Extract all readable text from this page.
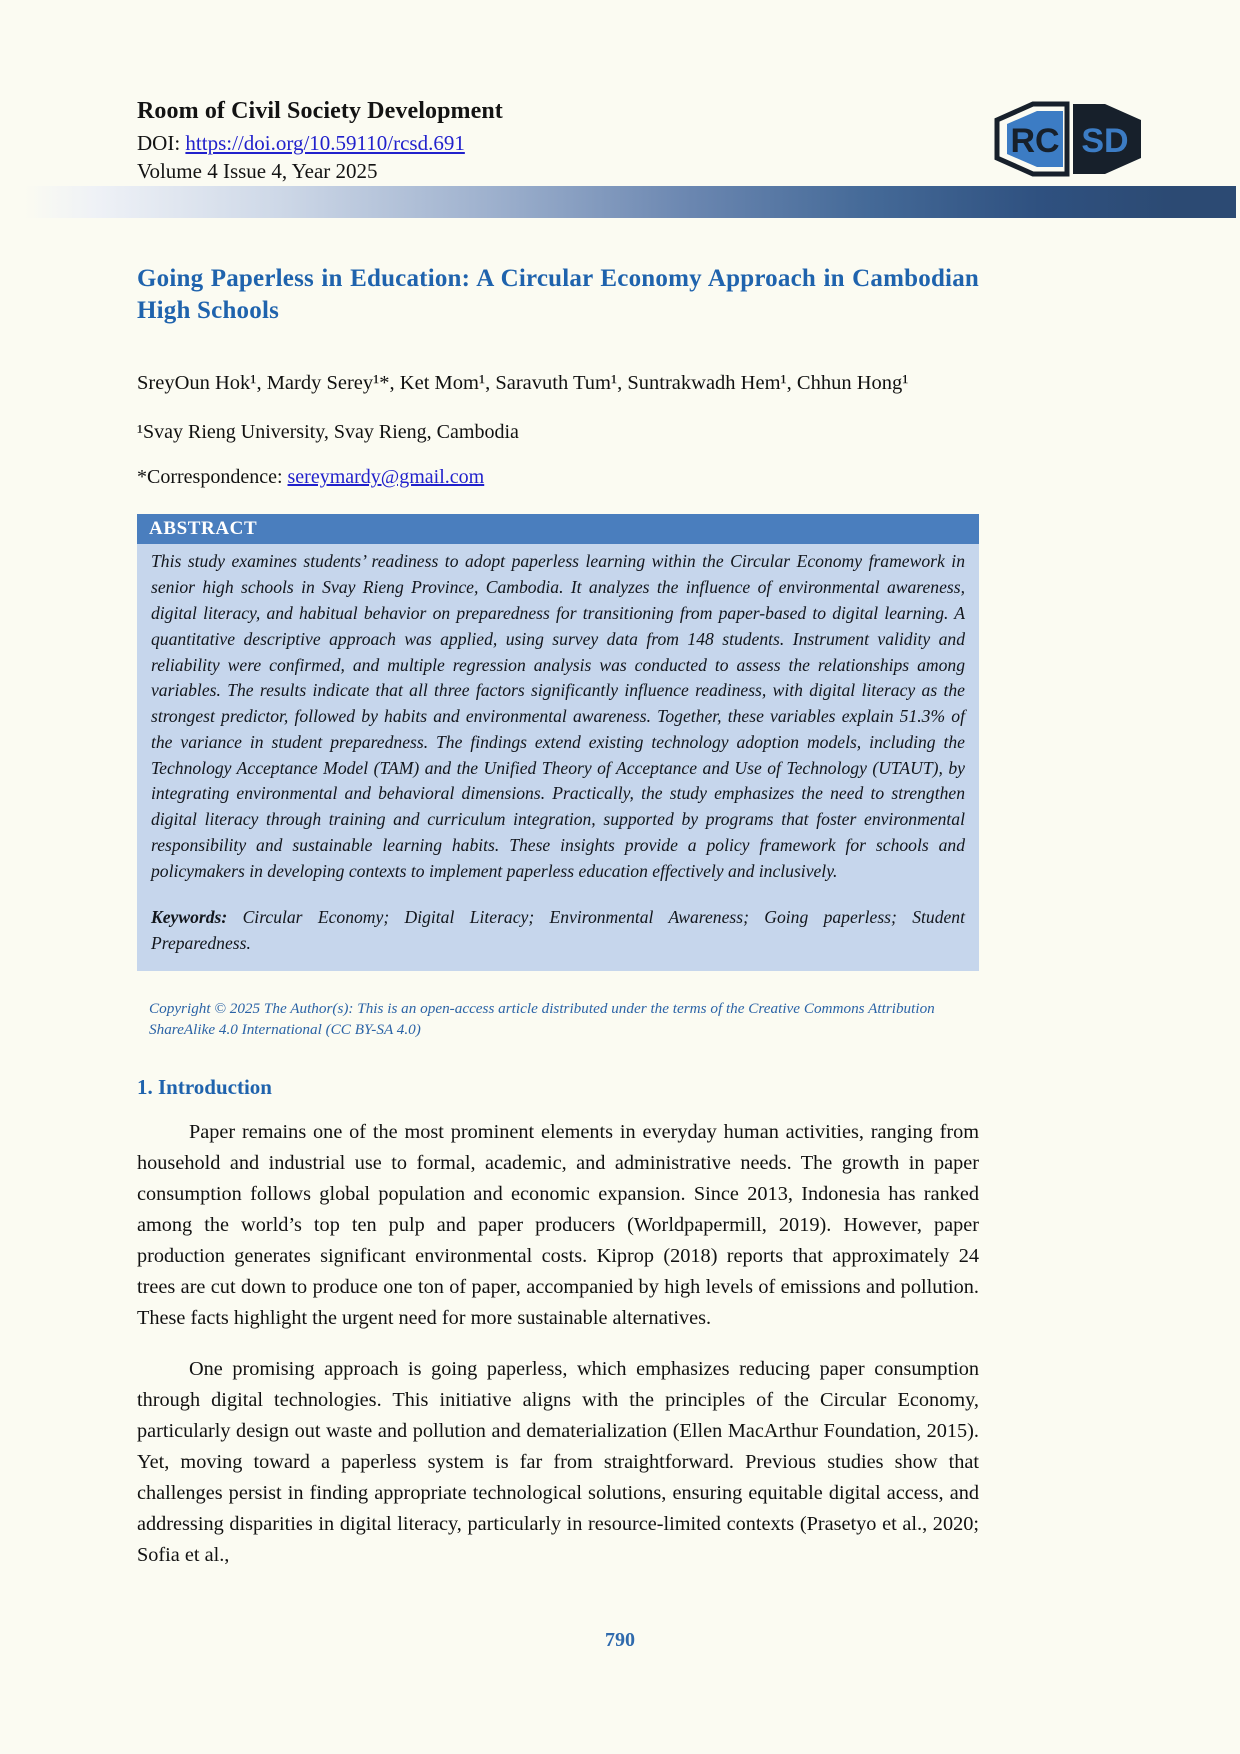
Room of Civil Society Development
DOI: https://doi.org/10.59110/rcsd.691
Volume 4 Issue 4, Year 2025
RC SD
Going Paperless in Education: A Circular Economy Approach in Cambodian High Schools
SreyOun Hok¹, Mardy Serey¹*, Ket Mom¹, Saravuth Tum¹, Suntrakwadh Hem¹, Chhun Hong¹
¹Svay Rieng University, Svay Rieng, Cambodia
*Correspondence: sereymardy@gmail.com
ABSTRACT

This study examines students’ readiness to adopt paperless learning within the Circular Economy framework in senior high schools in Svay Rieng Province, Cambodia. It analyzes the influence of environmental awareness, digital literacy, and habitual behavior on preparedness for transitioning from paper-based to digital learning. A quantitative descriptive approach was applied, using survey data from 148 students. Instrument validity and reliability were confirmed, and multiple regression analysis was conducted to assess the relationships among variables. The results indicate that all three factors significantly influence readiness, with digital literacy as the strongest predictor, followed by habits and environmental awareness. Together, these variables explain 51.3% of the variance in student preparedness. The findings extend existing technology adoption models, including the Technology Acceptance Model (TAM) and the Unified Theory of Acceptance and Use of Technology (UTAUT), by integrating environmental and behavioral dimensions. Practically, the study emphasizes the need to strengthen digital literacy through training and curriculum integration, supported by programs that foster environmental responsibility and sustainable learning habits. These insights provide a policy framework for schools and policymakers in developing contexts to implement paperless education effectively and inclusively.

Keywords: Circular Economy; Digital Literacy; Environmental Awareness; Going paperless; Student Preparedness.

Copyright © 2025 The Author(s): This is an open-access article distributed under the terms of the Creative Commons Attribution ShareAlike 4.0 International (CC BY-SA 4.0)
1. Introduction

Paper remains one of the most prominent elements in everyday human activities, ranging from household and industrial use to formal, academic, and administrative needs. The growth in paper consumption follows global population and economic expansion. Since 2013, Indonesia has ranked among the world’s top ten pulp and paper producers (Worldpapermill, 2019). However, paper production generates significant environmental costs. Kiprop (2018) reports that approximately 24 trees are cut down to produce one ton of paper, accompanied by high levels of emissions and pollution. These facts highlight the urgent need for more sustainable alternatives.

One promising approach is going paperless, which emphasizes reducing paper consumption through digital technologies. This initiative aligns with the principles of the Circular Economy, particularly design out waste and pollution and dematerialization (Ellen MacArthur Foundation, 2015). Yet, moving toward a paperless system is far from straightforward. Previous studies show that challenges persist in finding appropriate technological solutions, ensuring equitable digital access, and addressing disparities in digital literacy, particularly in resource-limited contexts (Prasetyo et al., 2020; Sofia et al.,

790
